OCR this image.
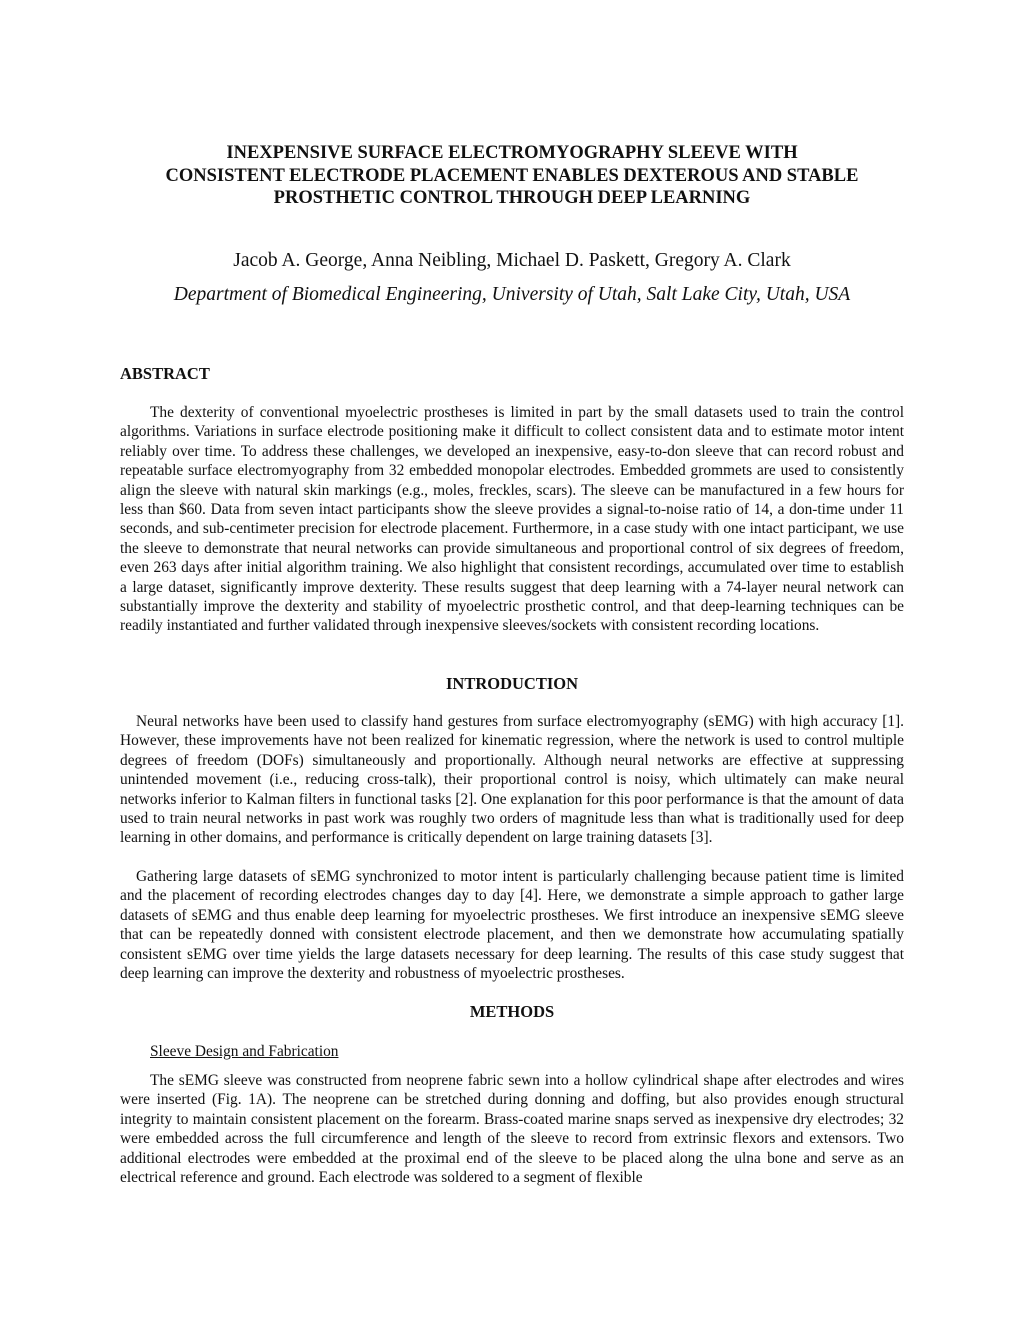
INEXPENSIVE SURFACE ELECTROMYOGRAPHY SLEEVE WITH
CONSISTENT ELECTRODE PLACEMENT ENABLES DEXTEROUS AND STABLE
PROSTHETIC CONTROL THROUGH DEEP LEARNING

Jacob A. George, Anna Neibling, Michael D. Paskett, Gregory A. Clark

Department of Biomedical Engineering, University of Utah, Salt Lake City, Utah, USA

ABSTRACT

The dexterity of conventional myoelectric prostheses is limited in part by the small datasets used to train the control algorithms. Variations in surface electrode positioning make it difficult to collect consistent data and to estimate motor intent reliably over time. To address these challenges, we developed an inexpensive, easy-to-don sleeve that can record robust and repeatable surface electromyography from 32 embedded monopolar electrodes. Embedded grommets are used to consistently align the sleeve with natural skin markings (e.g., moles, freckles, scars). The sleeve can be manufactured in a few hours for less than $60. Data from seven intact participants show the sleeve provides a signal-to-noise ratio of 14, a don-time under 11 seconds, and sub-centimeter precision for electrode placement. Furthermore, in a case study with one intact participant, we use the sleeve to demonstrate that neural networks can provide simultaneous and proportional control of six degrees of freedom, even 263 days after initial algorithm training. We also highlight that consistent recordings, accumulated over time to establish a large dataset, significantly improve dexterity. These results suggest that deep learning with a 74-layer neural network can substantially improve the dexterity and stability of myoelectric prosthetic control, and that deep-learning techniques can be readily instantiated and further validated through inexpensive sleeves/sockets with consistent recording locations.

INTRODUCTION

Neural networks have been used to classify hand gestures from surface electromyography (sEMG) with high accuracy [1]. However, these improvements have not been realized for kinematic regression, where the network is used to control multiple degrees of freedom (DOFs) simultaneously and proportionally. Although neural networks are effective at suppressing unintended movement (i.e., reducing cross-talk), their proportional control is noisy, which ultimately can make neural networks inferior to Kalman filters in functional tasks [2]. One explanation for this poor performance is that the amount of data used to train neural networks in past work was roughly two orders of magnitude less than what is traditionally used for deep learning in other domains, and performance is critically dependent on large training datasets [3].

Gathering large datasets of sEMG synchronized to motor intent is particularly challenging because patient time is limited and the placement of recording electrodes changes day to day [4]. Here, we demonstrate a simple approach to gather large datasets of sEMG and thus enable deep learning for myoelectric prostheses. We first introduce an inexpensive sEMG sleeve that can be repeatedly donned with consistent electrode placement, and then we demonstrate how accumulating spatially consistent sEMG over time yields the large datasets necessary for deep learning. The results of this case study suggest that deep learning can improve the dexterity and robustness of myoelectric prostheses.

METHODS

Sleeve Design and Fabrication

The sEMG sleeve was constructed from neoprene fabric sewn into a hollow cylindrical shape after electrodes and wires were inserted (Fig. 1A). The neoprene can be stretched during donning and doffing, but also provides enough structural integrity to maintain consistent placement on the forearm. Brass-coated marine snaps served as inexpensive dry electrodes; 32 were embedded across the full circumference and length of the sleeve to record from extrinsic flexors and extensors. Two additional electrodes were embedded at the proximal end of the sleeve to be placed along the ulna bone and serve as an electrical reference and ground. Each electrode was soldered to a segment of flexible
